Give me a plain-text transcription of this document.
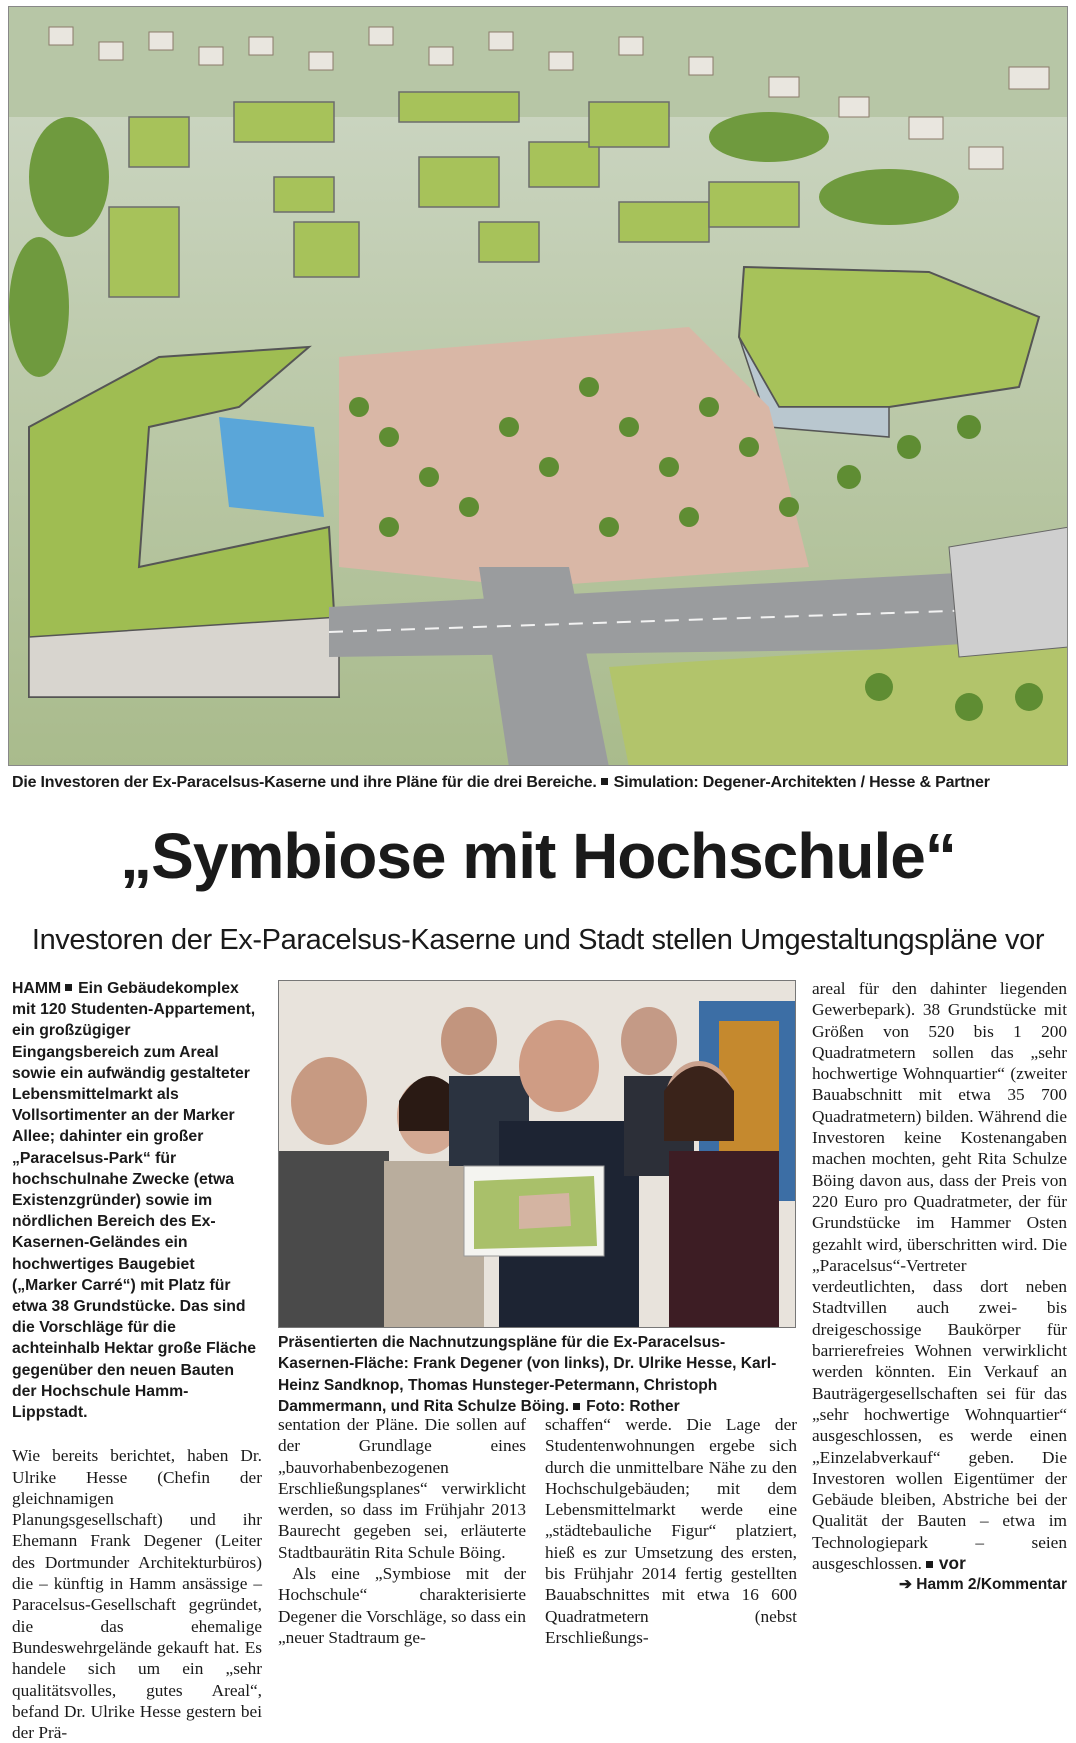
Die Investoren der Ex-Paracelsus-Kaserne und ihre Pläne für die drei Bereiche. Simulation: Degener-Architekten / Hesse & Partner
„Symbiose mit Hochschule“
Investoren der Ex-Paracelsus-Kaserne und Stadt stellen Umgestaltungspläne vor

HAMM Ein Gebäudekomplex mit 120 Studenten-Appartement, ein großzügiger Eingangsbereich zum Areal sowie ein aufwändig gestalteter Lebensmittelmarkt als Vollsortimenter an der Marker Allee; dahinter ein großer „Paracelsus-Park“ für hochschulnahe Zwecke (etwa Existenzgründer) sowie im nördlichen Bereich des Ex-Kasernen-Geländes ein hochwertiges Baugebiet („Marker Carré“) mit Platz für etwa 38 Grundstücke. Das sind die Vorschläge für die achteinhalb Hektar große Fläche gegenüber den neuen Bauten der Hochschule Hamm-Lippstadt.

Wie bereits berichtet, haben Dr. Ulrike Hesse (Chefin der gleichnamigen Planungsgesellschaft) und ihr Ehemann Frank Degener (Leiter des Dortmunder Architekturbüros) die – künftig in Hamm ansässige – Paracelsus-Gesellschaft gegründet, die das ehemalige Bundeswehrgelände gekauft hat. Es handele sich um ein „sehr qualitätsvolles, gutes Areal“, befand Dr. Ulrike Hesse gestern bei der Prä-

Präsentierten die Nachnutzungspläne für die Ex-Paracelsus-Kasernen-Fläche: Frank Degener (von links), Dr. Ulrike Hesse, Karl-Heinz Sandknop, Thomas Hunsteger-Petermann, Christoph Dammermann, und Rita Schulze Böing. Foto: Rother

sentation der Pläne. Die sollen auf der Grundlage eines „bauvorhabenbezogenen Erschließungsplanes“ verwirklicht werden, so dass im Frühjahr 2013 Baurecht gegeben sei, erläuterte Stadtbaurätin Rita Schule Böing.

Als eine „Symbiose mit der Hochschule“ charakterisierte Degener die Vorschläge, so dass ein „neuer Stadtraum ge-

schaffen“ werde. Die Lage der Studentenwohnungen ergebe sich durch die unmittelbare Nähe zu den Hochschulgebäuden; mit dem Lebensmittelmarkt werde eine „städtebauliche Figur“ platziert, hieß es zur Umsetzung des ersten, bis Frühjahr 2014 fertig gestellten Bauabschnittes mit etwa 16 600 Quadratmetern (nebst Erschließungs-

areal für den dahinter liegenden Gewerbepark). 38 Grundstücke mit Größen von 520 bis 1 200 Quadratmetern sollen das „sehr hochwertige Wohnquartier“ (zweiter Bauabschnitt mit etwa 35 700 Quadratmetern) bilden. Während die Investoren keine Kostenangaben machen mochten, geht Rita Schulze Böing davon aus, dass der Preis von 220 Euro pro Quadratmeter, der für Grundstücke im Hammer Osten gezahlt wird, überschritten wird. Die „Paracelsus“-Vertreter verdeutlichten, dass dort neben Stadtvillen auch zwei- bis dreigeschossige Baukörper für barrierefreies Wohnen verwirklicht werden könnten. Ein Verkauf an Bauträgergesellschaften sei für das „sehr hochwertige Wohnquartier“ ausgeschlossen, es werde einen „Einzelabverkauf“ geben. Die Investoren wollen Eigentümer der Gebäude bleiben, Abstriche bei der Qualität der Bauten – etwa im Technologiepark – seien ausgeschlossen. vor

➔ Hamm 2/Kommentar
